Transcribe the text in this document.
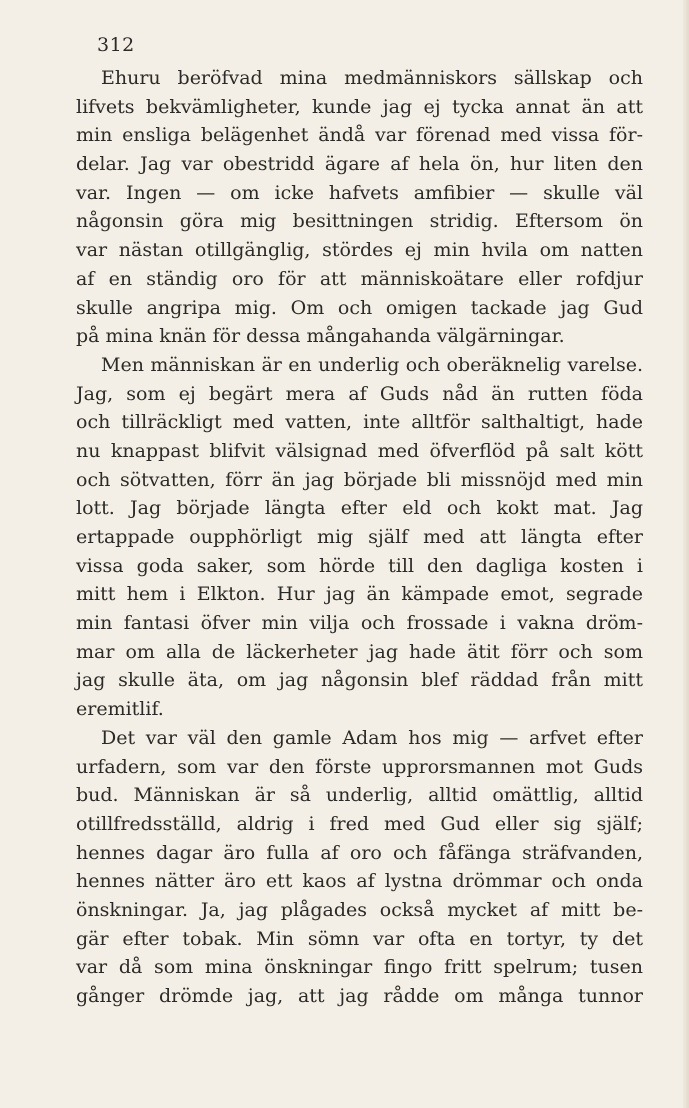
312
Ehuru beröfvad mina medmänniskors sällskap och
lifvets bekvämligheter, kunde jag ej tycka annat än att
min ensliga belägenhet ändå var förenad med vissa för-
delar. Jag var obestridd ägare af hela ön, hur liten den
var. Ingen — om icke hafvets amfibier — skulle väl
någonsin göra mig besittningen stridig. Eftersom ön
var nästan otillgänglig, stördes ej min hvila om natten
af en ständig oro för att människoätare eller rofdjur
skulle angripa mig. Om och omigen tackade jag Gud
på mina knän för dessa mångahanda välgärningar.
Men människan är en underlig och oberäknelig varelse.
Jag, som ej begärt mera af Guds nåd än rutten föda
och tillräckligt med vatten, inte alltför salthaltigt, hade
nu knappast blifvit välsignad med öfverflöd på salt kött
och sötvatten, förr än jag började bli missnöjd med min
lott. Jag började längta efter eld och kokt mat. Jag
ertappade oupphörligt mig själf med att längta efter
vissa goda saker, som hörde till den dagliga kosten i
mitt hem i Elkton. Hur jag än kämpade emot, segrade
min fantasi öfver min vilja och frossade i vakna dröm-
mar om alla de läckerheter jag hade ätit förr och som
jag skulle äta, om jag någonsin blef räddad från mitt
eremitlif.
Det var väl den gamle Adam hos mig — arfvet efter
urfadern, som var den förste upprorsmannen mot Guds
bud. Människan är så underlig, alltid omättlig, alltid
otillfredsställd, aldrig i fred med Gud eller sig själf;
hennes dagar äro fulla af oro och fåfänga sträfvanden,
hennes nätter äro ett kaos af lystna drömmar och onda
önskningar. Ja, jag plågades också mycket af mitt be-
gär efter tobak. Min sömn var ofta en tortyr, ty det
var då som mina önskningar fingo fritt spelrum; tusen
gånger drömde jag, att jag rådde om många tunnor
